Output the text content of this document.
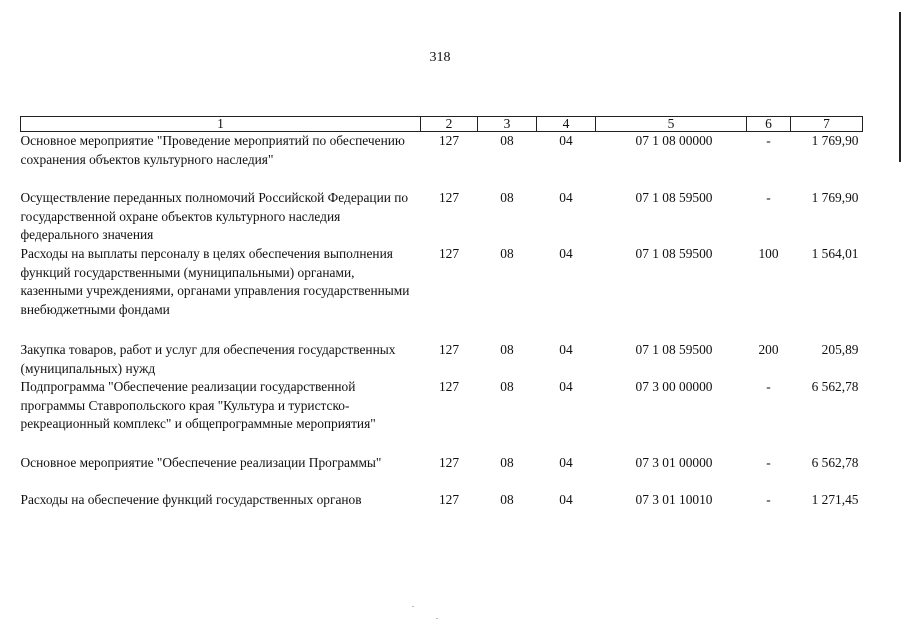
318
1	2	3	4	5	6	7
Основное мероприятие "Проведение мероприятий по обеспечению сохранения объектов культурного наследия"	127	08	04	07 1 08 00000	-	1 769,90
Осуществление переданных полномочий Российской Федерации по государственной охране объектов культурного наследия федерального значения	127	08	04	07 1 08 59500	-	1 769,90
Расходы на выплаты персоналу в целях обеспечения выполнения функций государственными (муниципальными) органами, казенными учреждениями, органами управления государственными внебюджетными фондами	127	08	04	07 1 08 59500	100	1 564,01
Закупка товаров, работ и услуг для обеспечения государственных (муниципальных) нужд	127	08	04	07 1 08 59500	200	205,89
Подпрограмма "Обеспечение реализации государственной программы Ставропольского края "Культура и туристско-рекреационный комплекс" и общепрограммные мероприятия"	127	08	04	07 3 00 00000	-	6 562,78
Основное мероприятие "Обеспечение реализации Программы"	127	08	04	07 3 01 00000	-	6 562,78
Расходы на обеспечение функций государственных органов	127	08	04	07 3 01 10010	-	1 271,45
